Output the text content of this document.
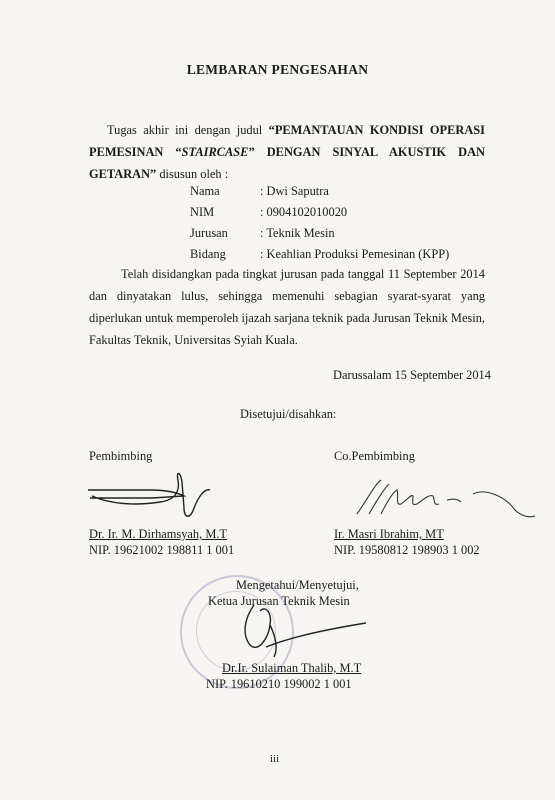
LEMBARAN PENGESAHAN
Tugas akhir ini dengan judul “PEMANTAUAN KONDISI OPERASI PEMESINAN “STAIRCASE” DENGAN SINYAL AKUSTIK DAN GETARAN” disusun oleh :
Nama	: Dwi Saputra
NIM	: 0904102010020
Jurusan	: Teknik Mesin
Bidang	: Keahlian Produksi Pemesinan (KPP)
Telah disidangkan pada tingkat jurusan pada tanggal 11 September 2014 dan dinyatakan lulus, sehingga memenuhi sebagian syarat-syarat yang diperlukan untuk memperoleh ijazah sarjana teknik pada Jurusan Teknik Mesin, Fakultas Teknik, Universitas Syiah Kuala.
Darussalam 15 September 2014
Disetujui/disahkan:
Pembimbing	Co.Pembimbing
Dr. Ir. M. Dirhamsyah, M.T
NIP. 19621002 198811 1 001
Ir. Masri Ibrahim, MT
NIP. 19580812 198903 1 002
Mengetahui/Menyetujui,
Ketua Jurusan Teknik Mesin
Dr.Ir. Sulaiman Thalib, M.T
NIP. 19610210 199002 1 001
iii
